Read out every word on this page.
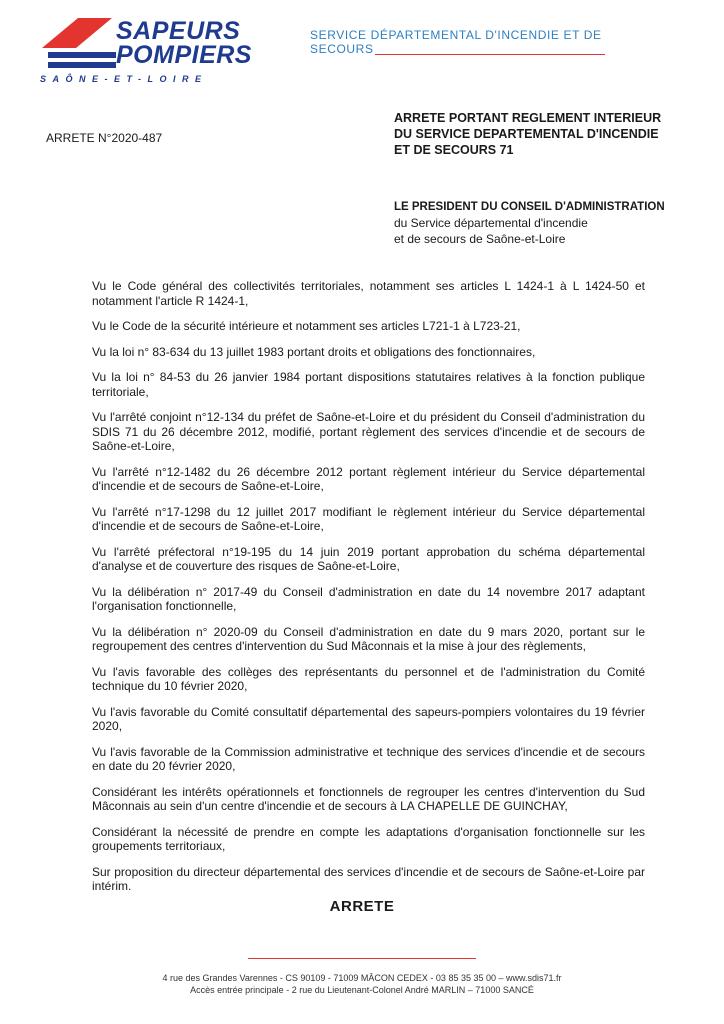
SAPEURS
POMPIERS
SAÔNE-ET-LOIRE
SERVICE DÉPARTEMENTAL D'INCENDIE ET DE SECOURS
ARRETE N°2020-487
ARRETE PORTANT REGLEMENT INTERIEUR
DU SERVICE DEPARTEMENTAL D'INCENDIE
ET DE SECOURS 71
LE PRESIDENT DU CONSEIL D'ADMINISTRATION
du Service départemental d'incendie
et de secours de Saône-et-Loire

Vu le Code général des collectivités territoriales, notamment ses articles L 1424-1 à L 1424-50 et notamment l'article R 1424-1,

Vu le Code de la sécurité intérieure et notamment ses articles L721-1 à L723-21,

Vu la loi n° 83-634 du 13 juillet 1983 portant droits et obligations des fonctionnaires,

Vu la loi n° 84-53 du 26 janvier 1984 portant dispositions statutaires relatives à la fonction publique territoriale,

Vu l'arrêté conjoint n°12-134 du préfet de Saône-et-Loire et du président du Conseil d'administration du SDIS 71 du 26 décembre 2012, modifié, portant règlement des services d'incendie et de secours de Saône-et-Loire,

Vu l'arrêté n°12-1482 du 26 décembre 2012 portant règlement intérieur du Service départemental d'incendie et de secours de Saône-et-Loire,

Vu l'arrêté n°17-1298 du 12 juillet 2017 modifiant le règlement intérieur du Service départemental d'incendie et de secours de Saône-et-Loire,

Vu l'arrêté préfectoral n°19-195 du 14 juin 2019 portant approbation du schéma départemental d'analyse et de couverture des risques de Saône-et-Loire,

Vu la délibération n° 2017-49 du Conseil d'administration en date du 14 novembre 2017 adaptant l'organisation fonctionnelle,

Vu la délibération n° 2020-09 du Conseil d'administration en date du 9 mars 2020, portant sur le regroupement des centres d'intervention du Sud Mâconnais et la mise à jour des règlements,

Vu l'avis favorable des collèges des représentants du personnel et de l'administration du Comité technique du 10 février 2020,

Vu l'avis favorable du Comité consultatif départemental des sapeurs-pompiers volontaires du 19 février 2020,

Vu l'avis favorable de la Commission administrative et technique des services d'incendie et de secours en date du 20 février 2020,

Considérant les intérêts opérationnels et fonctionnels de regrouper les centres d'intervention du Sud Mâconnais au sein d'un centre d'incendie et de secours à LA CHAPELLE DE GUINCHAY,

Considérant la nécessité de prendre en compte les adaptations d'organisation fonctionnelle sur les groupements territoriaux,

Sur proposition du directeur départemental des services d'incendie et de secours de Saône-et-Loire par intérim.

ARRETE
4 rue des Grandes Varennes - CS 90109 - 71009 MÂCON CEDEX - 03 85 35 35 00 – www.sdis71.fr
Accès entrée principale - 2 rue du Lieutenant-Colonel André MARLIN – 71000 SANCÉ
